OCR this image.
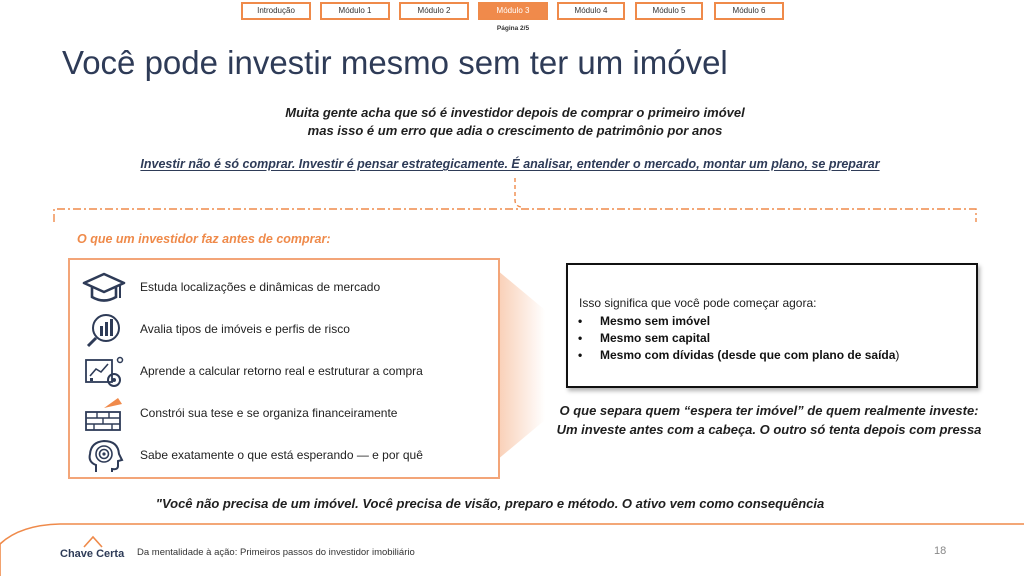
Introdução	Módulo 1	Módulo 2	Módulo 3	Módulo 4	Módulo 5	Módulo 6
Página 2/5
Você pode investir mesmo sem ter um imóvel
Muita gente acha que só é investidor depois de comprar o primeiro imóvel
mas isso é um erro que adia o crescimento de patrimônio por anos
Investir não é só comprar. Investir é pensar estrategicamente. É analisar, entender o mercado, montar um plano, se preparar
O que um investidor faz antes de comprar:
Estuda localizações e dinâmicas de mercado
Avalia tipos de imóveis e perfis de risco
Aprende a calcular retorno real e estruturar a compra
Constrói sua tese e se organiza financeiramente
Sabe exatamente o que está esperando — e por quê
Isso significa que você pode começar agora:
• Mesmo sem imóvel
• Mesmo sem capital
• Mesmo com dívidas (desde que com plano de saída)
O que separa quem “espera ter imóvel” de quem realmente investe:
Um investe antes com a cabeça. O outro só tenta depois com pressa
"Você não precisa de um imóvel. Você precisa de visão, preparo e método. O ativo vem como consequência
Chave Certa Da mentalidade à ação: Primeiros passos do investidor imobiliário	18
